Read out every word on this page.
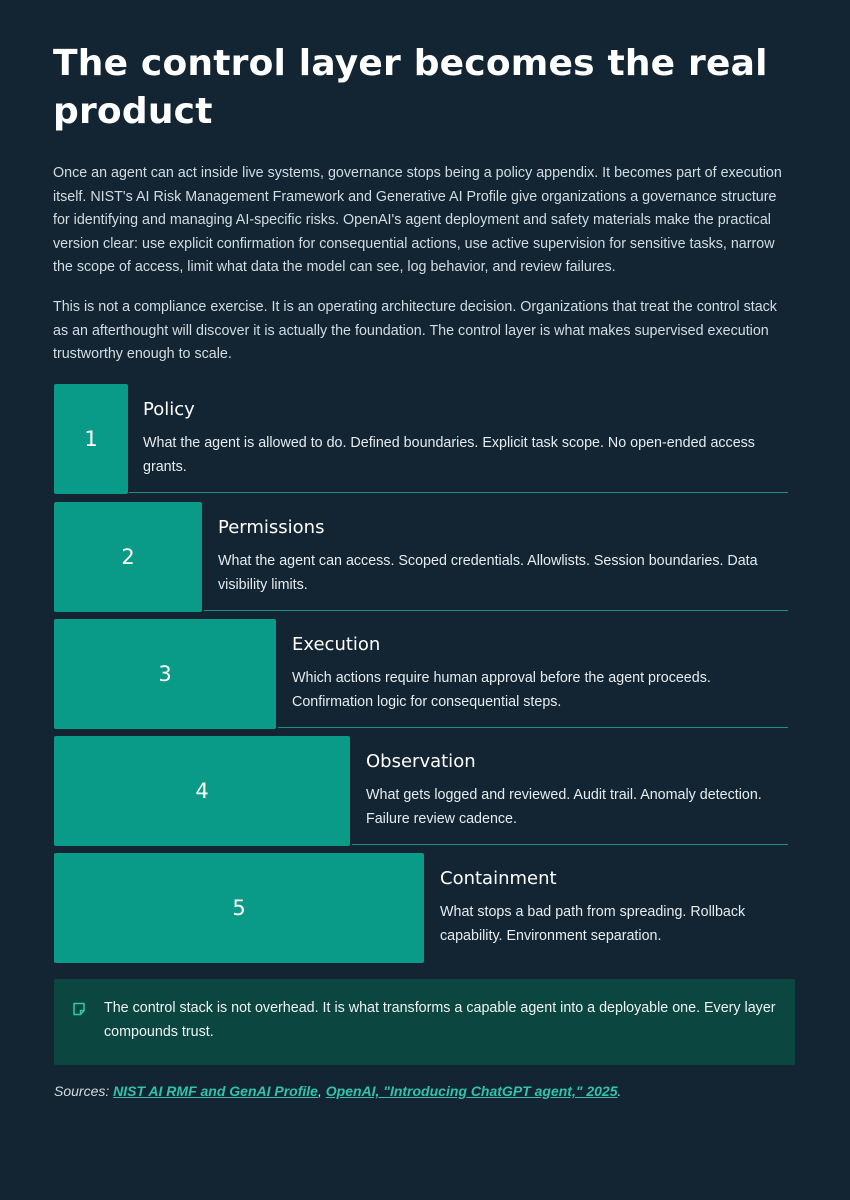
The control layer becomes the real product

Once an agent can act inside live systems, governance stops being a policy appendix. It becomes part of execution itself. NIST's AI Risk Management Framework and Generative AI Profile give organizations a governance structure for identifying and managing AI-specific risks. OpenAI's agent deployment and safety materials make the practical version clear: use explicit confirmation for consequential actions, use active supervision for sensitive tasks, narrow the scope of access, limit what data the model can see, log behavior, and review failures.

This is not a compliance exercise. It is an operating architecture decision. Organizations that treat the control stack as an afterthought will discover it is actually the foundation. The control layer is what makes supervised execution trustworthy enough to scale.

1
Policy
What the agent is allowed to do. Defined boundaries. Explicit task scope. No open-ended access grants.
2
Permissions
What the agent can access. Scoped credentials. Allowlists. Session boundaries. Data visibility limits.
3
Execution
Which actions require human approval before the agent proceeds. Confirmation logic for consequential steps.
4
Observation
What gets logged and reviewed. Audit trail. Anomaly detection. Failure review cadence.
5
Containment
What stops a bad path from spreading. Rollback capability. Environment separation.
The control stack is not overhead. It is what transforms a capable agent into a deployable one. Every layer compounds trust.
Sources: NIST AI RMF and GenAI Profile, OpenAI, "Introducing ChatGPT agent," 2025.
